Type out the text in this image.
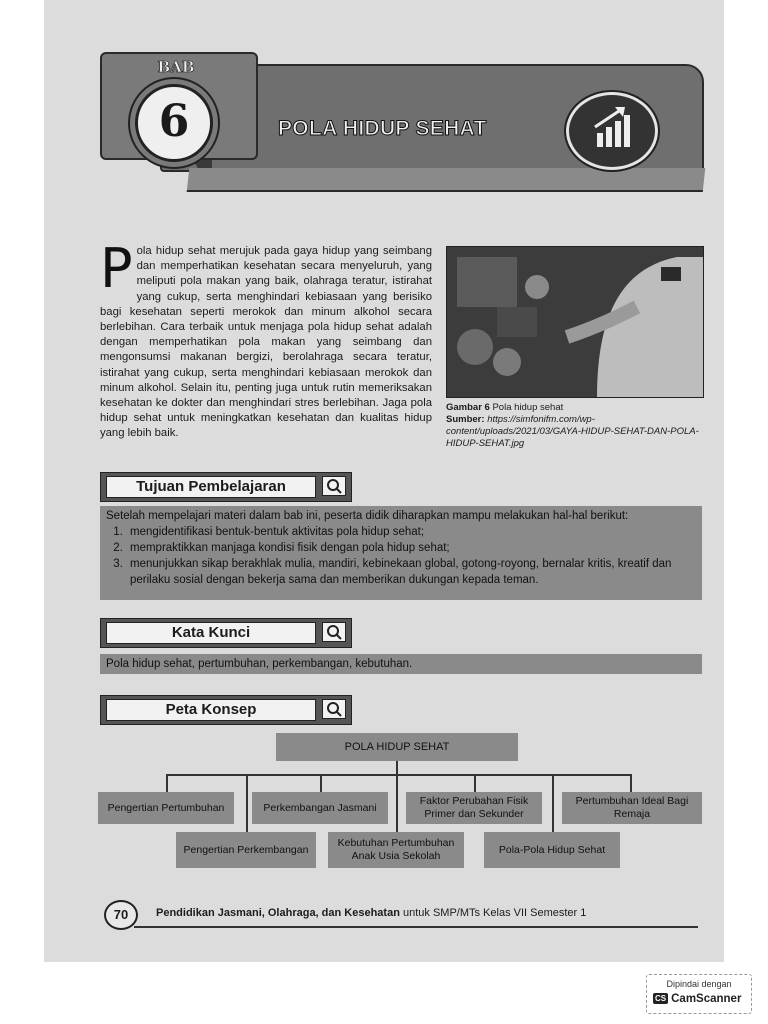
BAB
6	POLA HIDUP SEHAT
Pola hidup sehat merujuk pada gaya hidup yang seimbang dan memperhatikan kesehatan secara menyeluruh, yang meliputi pola makan yang baik, olahraga teratur, istirahat yang cukup, serta menghindari kebiasaan yang berisiko bagi kesehatan seperti merokok dan minum alkohol secara berlebihan. Cara terbaik untuk menjaga pola hidup sehat adalah dengan memperhatikan pola makan yang seimbang dan mengonsumsi makanan bergizi, berolahraga secara teratur, istirahat yang cukup, serta menghindari kebiasaan merokok dan minum alkohol. Selain itu, penting juga untuk rutin memeriksakan kesehatan ke dokter dan menghindari stres berlebihan. Jaga pola hidup sehat untuk meningkatkan kesehatan dan kualitas hidup yang lebih baik.
Gambar 6 Pola hidup sehat
Sumber: https://simfonifm.com/wp-content/uploads/2021/03/GAYA-HIDUP-SEHAT-DAN-POLA-HIDUP-SEHAT.jpg
Tujuan Pembelajaran
Setelah mempelajari materi dalam bab ini, peserta didik diharapkan mampu melakukan hal-hal berikut:
1. mengidentifikasi bentuk-bentuk aktivitas pola hidup sehat;
2. mempraktikkan manjaga kondisi fisik dengan pola hidup sehat;
3. menunjukkan sikap berakhlak mulia, mandiri, kebinekaan global, gotong-royong, bernalar kritis, kreatif dan perilaku sosial dengan bekerja sama dan memberikan dukungan kepada teman.
Kata Kunci
Pola hidup sehat, pertumbuhan, perkembangan, kebutuhan.
Peta Konsep
POLA HIDUP SEHAT
Pengertian Pertumbuhan	Perkembangan Jasmani
Faktor Perubahan Fisik Primer dan Sekunder
Pertumbuhan Ideal Bagi Remaja
Pengertian Perkembangan
Kebutuhan Pertumbuhan Anak Usia Sekolah
Pola-Pola Hidup Sehat
70	Pendidikan Jasmani, Olahraga, dan Kesehatan untuk SMP/MTs Kelas VII Semester 1
Dipindai dengan
CS CamScanner
